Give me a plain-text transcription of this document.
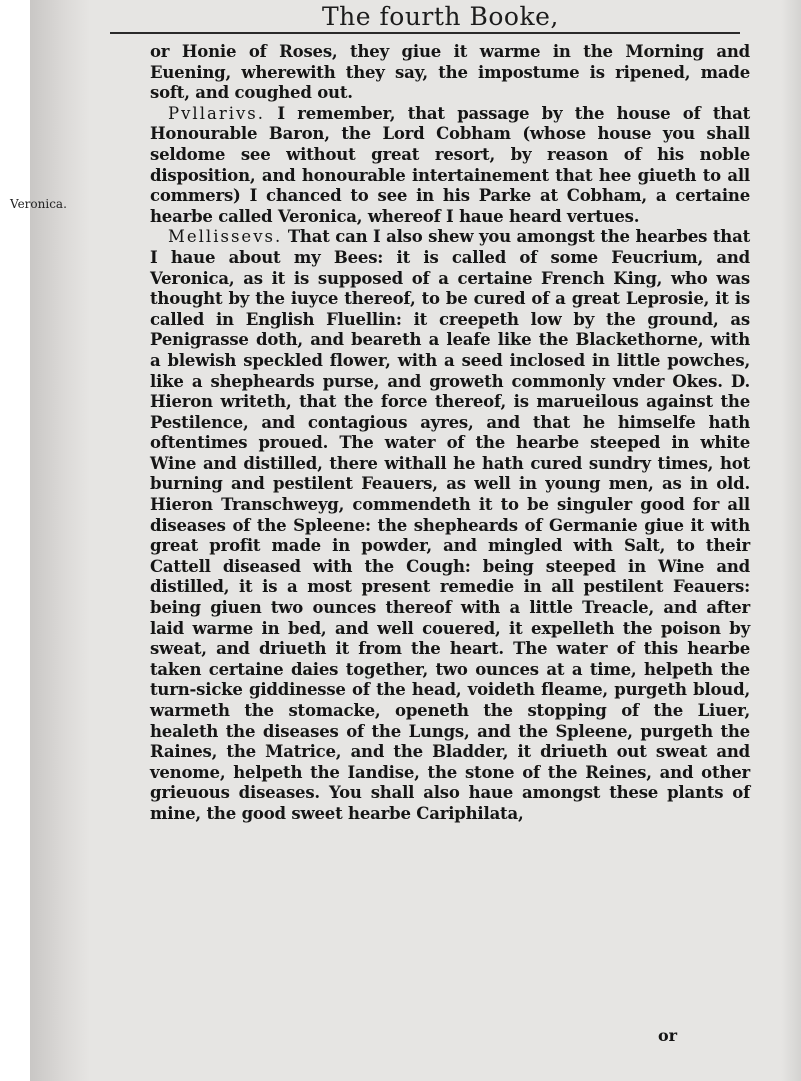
The fourth Booke,
Veronica.

or Honie of Roses, they giue it warme in the Morning and Euening, wherewith they say, the impostume is ripened, made soft, and coughed out.

Pvllarivs. I remember, that passage by the house of that Honourable Baron, the Lord Cobham (whose house you shall seldome see without great resort, by reason of his noble disposition, and honourable intertainement that hee giueth to all commers) I chanced to see in his Parke at Cobham, a certaine hearbe called Veronica, whereof I haue heard vertues.

Mellissevs. That can I also shew you amongst the hearbes that I haue about my Bees: it is called of some Feucrium, and Veronica, as it is supposed of a certaine French King, who was thought by the iuyce thereof, to be cured of a great Leprosie, it is called in English Fluellin: it creepeth low by the ground, as Penigrasse doth, and beareth a leafe like the Blackethorne, with a blewish speckled flower, with a seed inclosed in little powches, like a shepheards purse, and groweth commonly vnder Okes. D. Hieron writeth, that the force thereof, is marueilous against the Pestilence, and contagious ayres, and that he himselfe hath oftentimes proued. The water of the hearbe steeped in white Wine and distilled, there withall he hath cured sundry times, hot burning and pestilent Feauers, as well in young men, as in old. Hieron Transchweyg, commendeth it to be singuler good for all diseases of the Spleene: the shepheards of Germanie giue it with great profit made in powder, and mingled with Salt, to their Cattell diseased with the Cough: being steeped in Wine and distilled, it is a most present remedie in all pestilent Feauers: being giuen two ounces thereof with a little Treacle, and after laid warme in bed, and well couered, it expelleth the poison by sweat, and driueth it from the heart. The water of this hearbe taken certaine daies together, two ounces at a time, helpeth the turn-sicke giddinesse of the head, voideth fleame, purgeth bloud, warmeth the stomacke, openeth the stopping of the Liuer, healeth the diseases of the Lungs, and the Spleene, purgeth the Raines, the Matrice, and the Bladder, it driueth out sweat and venome, helpeth the Iandise, the stone of the Reines, and other grieuous diseases. You shall also haue amongst these plants of mine, the good sweet hearbe Cariphilata,

or
